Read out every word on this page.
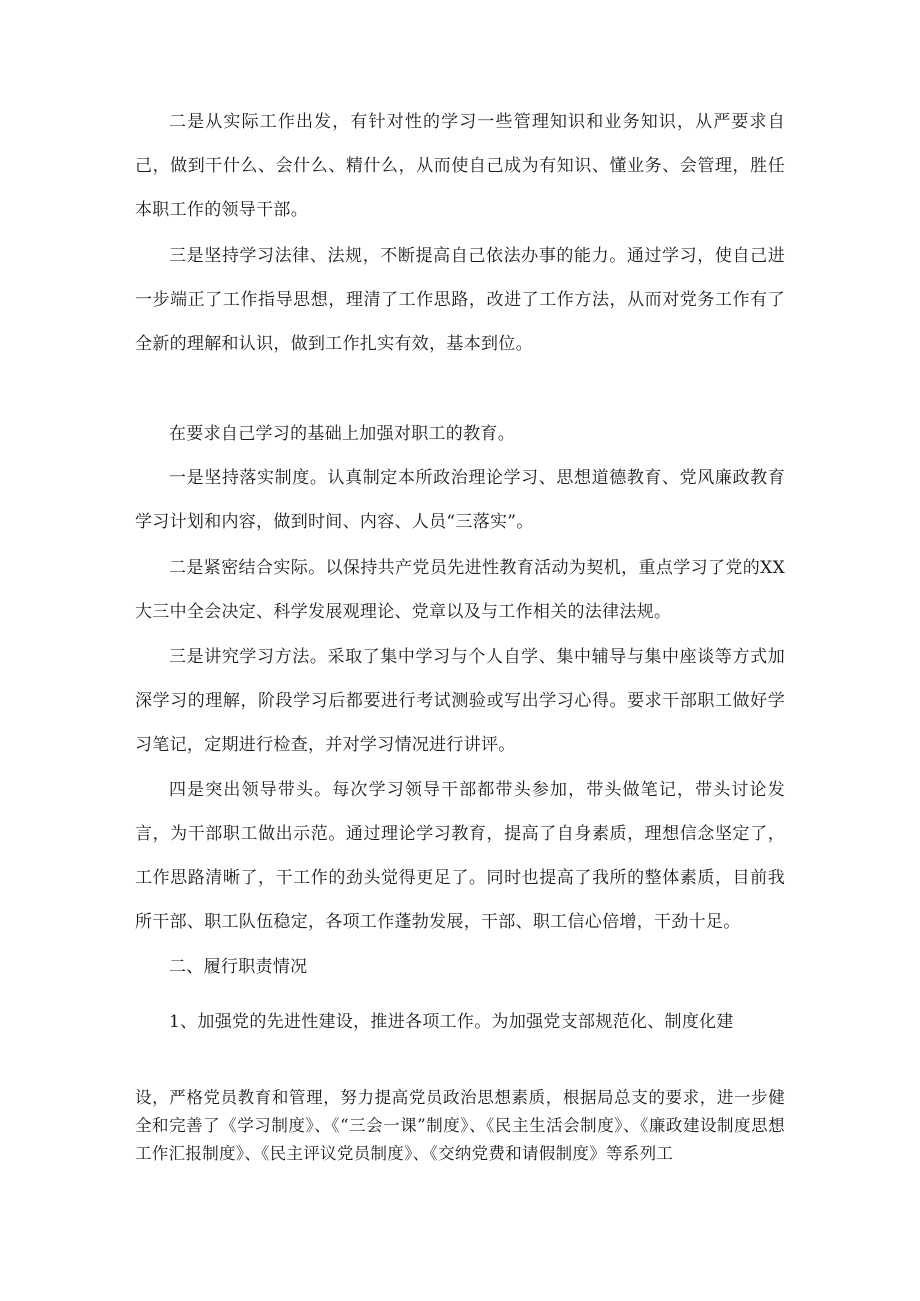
二是从实际工作出发，有针对性的学习一些管理知识和业务知识，从严要求自己，做到干什么、会什么、精什么，从而使自己成为有知识、懂业务、会管理，胜任本职工作的领导干部。

三是坚持学习法律、法规，不断提高自己依法办事的能力。通过学习，使自己进一步端正了工作指导思想，理清了工作思路，改进了工作方法，从而对党务工作有了全新的理解和认识，做到工作扎实有效，基本到位。

在要求自己学习的基础上加强对职工的教育。

一是坚持落实制度。认真制定本所政治理论学习、思想道德教育、党风廉政教育学习计划和内容，做到时间、内容、人员“三落实”。

二是紧密结合实际。以保持共产党员先进性教育活动为契机，重点学习了党的XX大三中全会决定、科学发展观理论、党章以及与工作相关的法律法规。

三是讲究学习方法。采取了集中学习与个人自学、集中辅导与集中座谈等方式加深学习的理解，阶段学习后都要进行考试测验或写出学习心得。要求干部职工做好学习笔记，定期进行检查，并对学习情况进行讲评。

四是突出领导带头。每次学习领导干部都带头参加，带头做笔记，带头讨论发言，为干部职工做出示范。通过理论学习教育，提高了自身素质，理想信念坚定了，工作思路清晰了，干工作的劲头觉得更足了。同时也提高了我所的整体素质，目前我所干部、职工队伍稳定，各项工作蓬勃发展，干部、职工信心倍增，干劲十足。

二、履行职责情况

1、加强党的先进性建设，推进各项工作。为加强党支部规范化、制度化建

设，严格党员教育和管理，努力提高党员政治思想素质，根据局总支的要求，进一步健全和完善了《学习制度》、《“三会一课”制度》、《民主生活会制度》、《廉政建设制度思想工作汇报制度》、《民主评议党员制度》、《交纳党费和请假制度》等系列工
